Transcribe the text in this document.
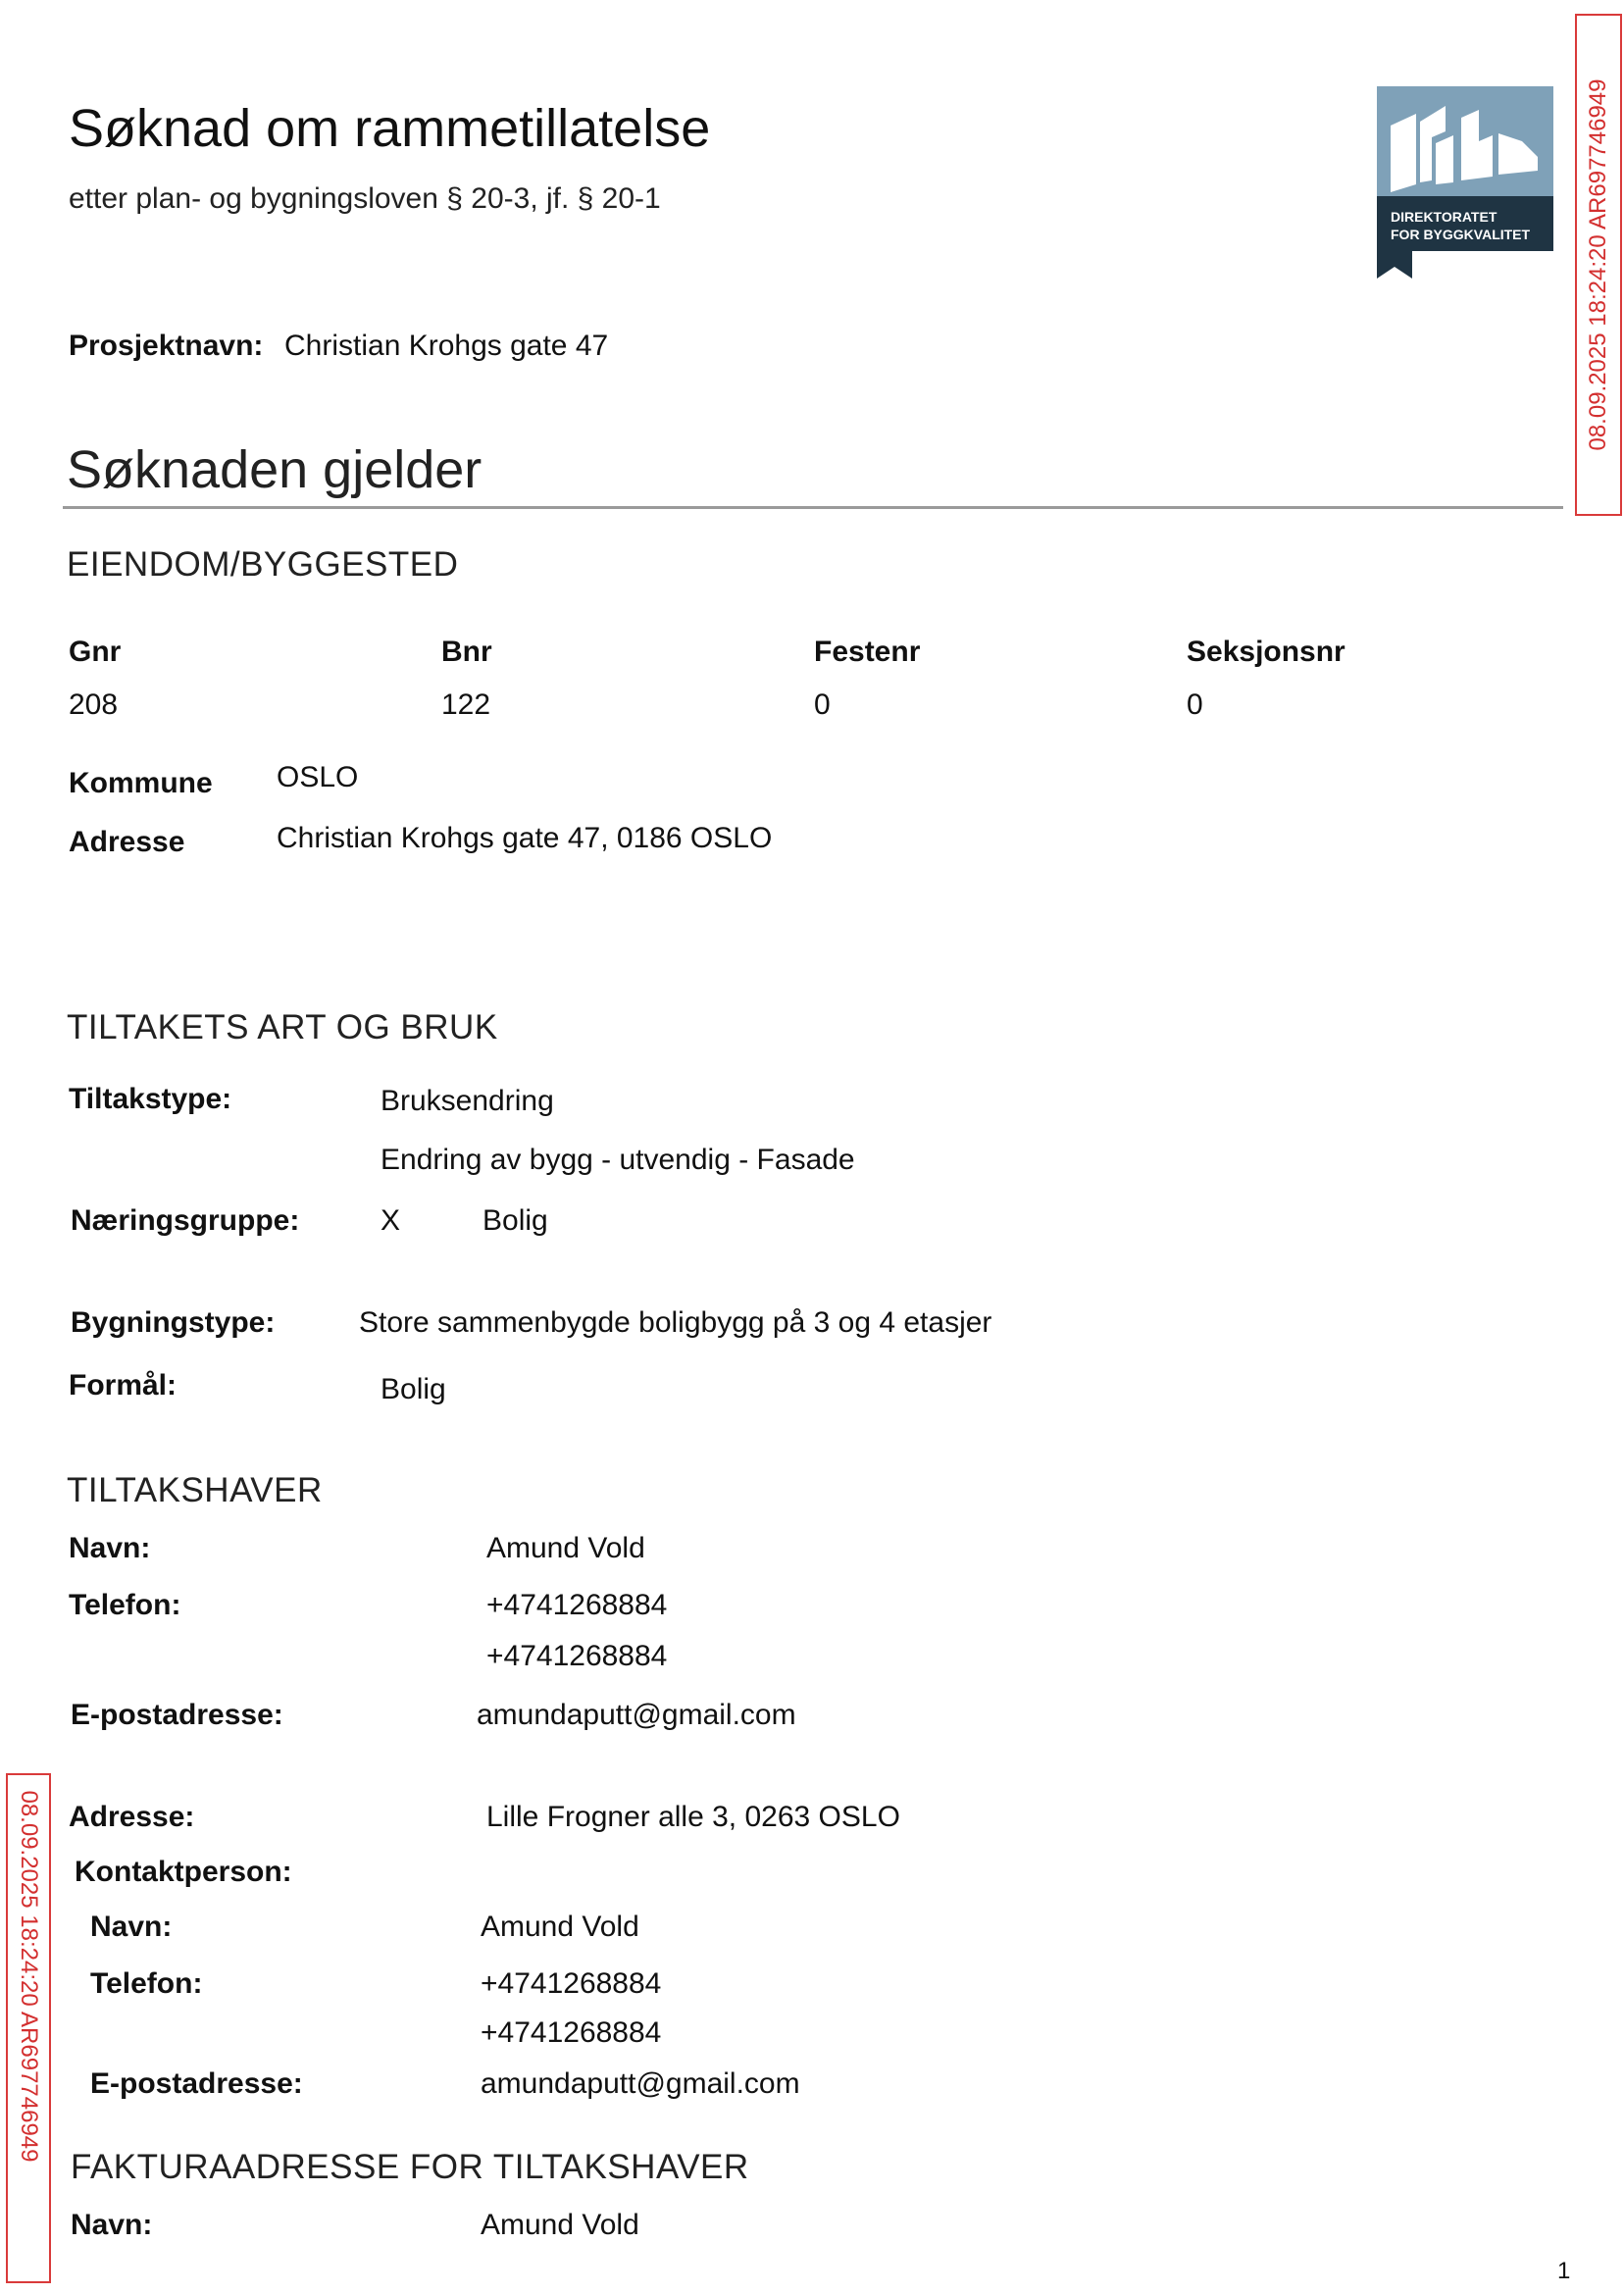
Søknad om rammetillatelse
etter plan- og bygningsloven § 20-3, jf. § 20-1
DIREKTORATET
FOR BYGGKVALITET
Prosjektnavn: Christian Krohgs gate 47
Søknaden gjelder
EIENDOM/BYGGESTED
Gnr	Bnr	Festenr	Seksjonsnr
208	122	0	0
Kommune OSLO
Adresse	Christian Krohgs gate 47, 0186 OSLO
TILTAKETS ART OG BRUK
Tiltakstype:	Bruksendring
Endring av bygg - utvendig - Fasade
Næringsgruppe:	X	Bolig
Bygningstype:	Store sammenbygde boligbygg på 3 og 4 etasjer
Formål:	Bolig
TILTAKSHAVER
Navn:	Amund Vold
Telefon:	+4741268884
+4741268884
E-postadresse:	amundaputt@gmail.com
Adresse:	Lille Frogner alle 3, 0263 OSLO
Kontaktperson:
Navn:	Amund Vold
Telefon:	+4741268884
+4741268884
E-postadresse:	amundaputt@gmail.com
FAKTURAADRESSE FOR TILTAKSHAVER
Navn:	Amund Vold
1
08.09.2025 18:24:20 AR697746949
08.09.2025 18:24:20 AR697746949
